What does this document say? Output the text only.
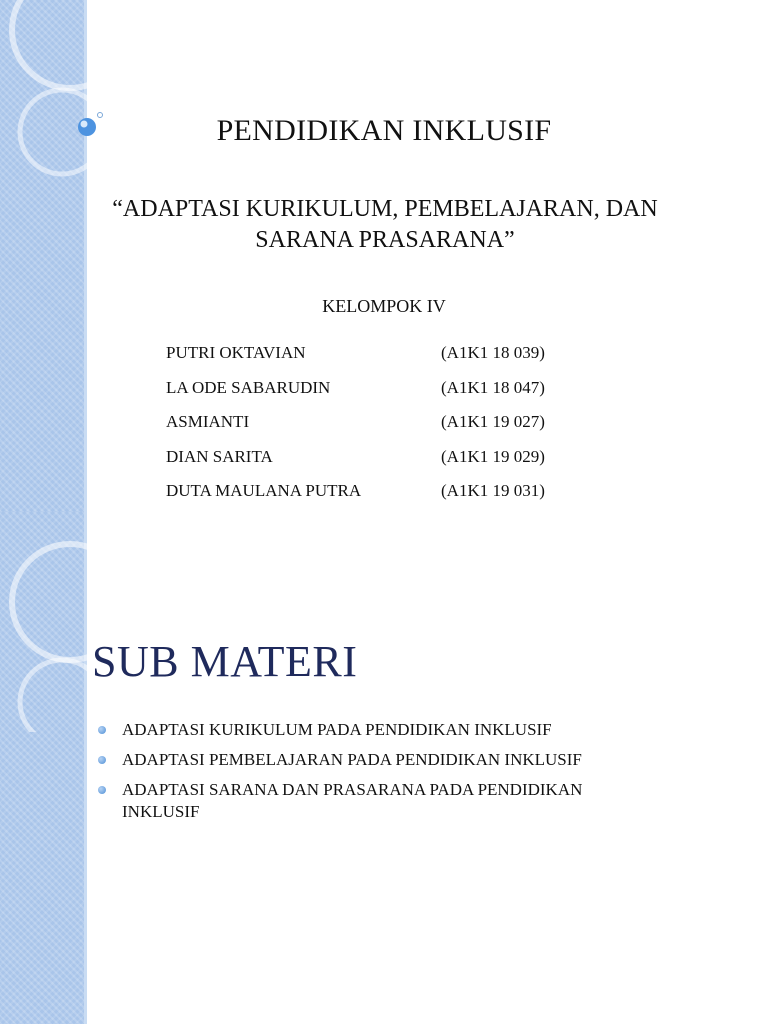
PENDIDIKAN INKLUSIF
“ADAPTASI KURIKULUM, PEMBELAJARAN, DAN
SARANA PRASARANA”
KELOMPOK IV
PUTRI OKTAVIAN	(A1K1 18 039)
LA ODE SABARUDIN	(A1K1 18 047)
ASMIANTI	(A1K1 19 027)
DIAN SARITA	(A1K1 19 029)
DUTA MAULANA PUTRA	(A1K1 19 031)
SUB MATERI
ADAPTASI KURIKULUM PADA PENDIDIKAN INKLUSIF
ADAPTASI PEMBELAJARAN PADA PENDIDIKAN INKLUSIF
ADAPTASI SARANA DAN PRASARANA PADA PENDIDIKAN INKLUSIF
